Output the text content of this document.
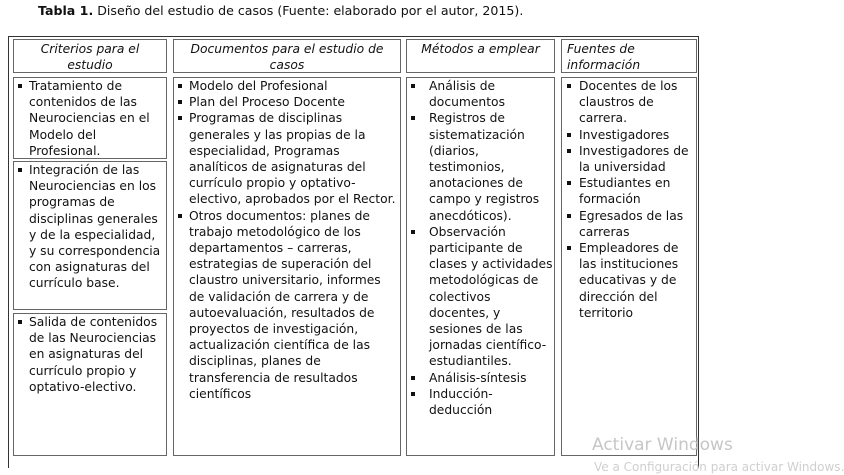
Tabla 1. Diseño del estudio de casos (Fuente: elaborado por el autor, 2015).
Criterios para el estudio
Documentos para el estudio de casos
Métodos a emplear	Fuentes de información
Tratamiento de contenidos de las Neurociencias en el Modelo del Profesional.
Integración de las Neurociencias en los programas de disciplinas generales y de la especialidad, y su correspondencia con asignaturas del currículo base.
Salida de contenidos de las Neurociencias en asignaturas del currículo propio y optativo-electivo.
Modelo del Profesional
Plan del Proceso Docente
Programas de disciplinas generales y las propias de la especialidad, Programas analíticos de asignaturas del currículo propio y optativo-electivo, aprobados por el Rector.
Otros documentos: planes de trabajo metodológico de los departamentos – carreras, estrategias de superación del claustro universitario, informes de validación de carrera y de autoevaluación, resultados de proyectos de investigación, actualización científica de las disciplinas, planes de transferencia de resultados científicos
Análisis de documentos
Registros de sistematización (diarios, testimonios, anotaciones de campo y registros anecdóticos).
Observación participante de clases y actividades metodológicas de colectivos docentes, y sesiones de las jornadas científico-estudiantiles.
Análisis-síntesis
Inducción-deducción
Docentes de los claustros de carrera.
Investigadores
Investigadores de la universidad
Estudiantes en formación
Egresados de las carreras
Empleadores de las instituciones educativas y de dirección del territorio
Activar Windows
Ve a Configuración para activar Windows.
